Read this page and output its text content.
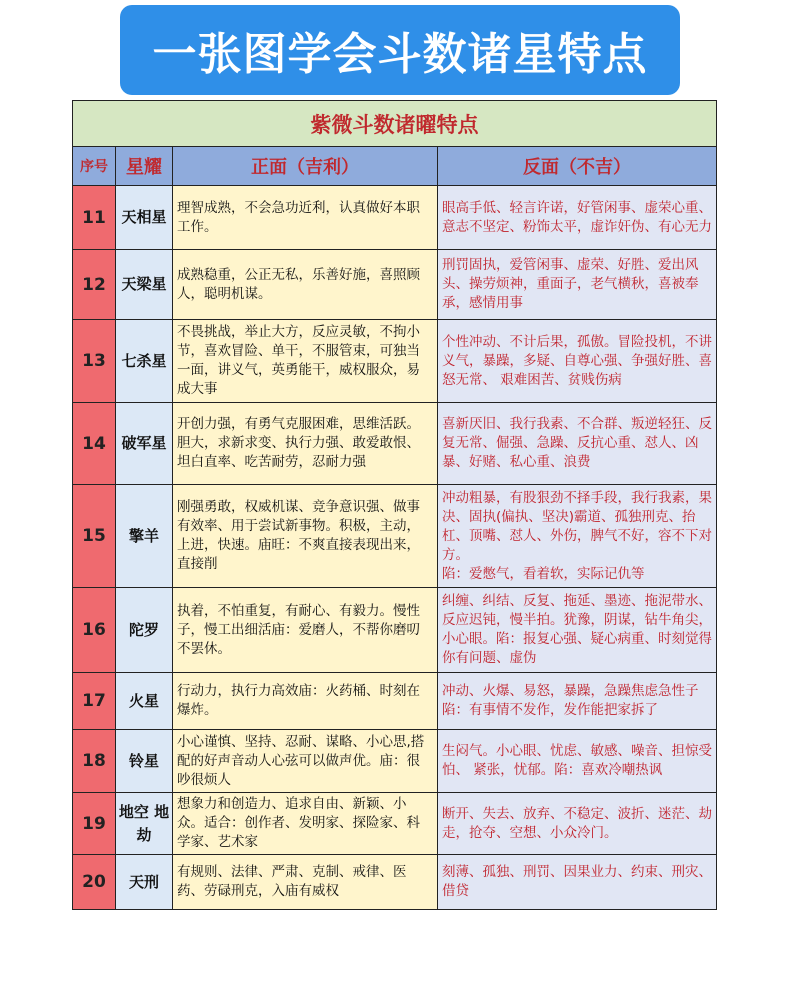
一张图学会斗数诸星特点
紫微斗数诸曜特点			
序号	星耀	正面（吉利）	反面（不吉）
11	天相星	理智成熟，不会急功近利，认真做好本职工作。	眼高手低、轻言许诺，好管闲事、虚荣心重、意志不坚定、粉饰太平，虚诈奸伪、有心无力

12	天梁星	成熟稳重，公正无私，乐善好施，喜照顾人，聪明机谋。	刑罚固执，爱管闲事、虚荣、好胜、爱出风头、操劳烦神，重面子，老气横秋，喜被奉承，感情用事

13	七杀星	不畏挑战，举止大方，反应灵敏，不拘小节，喜欢冒险、单干，不服管束，可独当一面，讲义气，英勇能干，威权服众，易成大事	个性冲动、不计后果，孤傲。冒险投机，不讲义气，暴躁，多疑、自尊心强、争强好胜、喜怒无常、 艰难困苦、贫贱伤病

14	破军星	开创力强，有勇气克服困难，思维活跃。胆大，求新求变、执行力强、敢爱敢恨、坦白直率、吃苦耐劳，忍耐力强	喜新厌旧、我行我素、不合群、叛逆轻狂、反复无常、倔强、急躁、反抗心重、怼人、凶暴、好赌、私心重、浪费

15	擎羊	刚强勇敢，权威机谋、竞争意识强、做事有效率、用于尝试新事物。积极，主动，上进，快速。庙旺：不爽直接表现出来，直接削	冲动粗暴，有股狠劲不择手段，我行我素，果决、固执(偏执、坚决)霸道、孤独刑克、抬杠、顶嘴、怼人、外伤，脾气不好，容不下对方。
陷：爱憋气，看着软，实际记仇等

16	陀罗	执着，不怕重复，有耐心、有毅力。慢性子，慢工出细活庙：爱磨人，不帮你磨叨不罢休。	纠缠、纠结、反复、拖延、墨迹、拖泥带水、反应迟钝，慢半拍。犹豫，阴谋，钻牛角尖，小心眼。陷：报复心强、疑心病重、时刻觉得你有问题、虚伪

17	火星	行动力，执行力高效庙：火药桶、时刻在爆炸。	冲动、火爆、易怒，暴躁，急躁焦虑急性子
陷：有事情不发作，发作能把家拆了

18	铃星	小心谨慎、坚持、忍耐、谋略、小心思,搭配的好声音动人心弦可以做声优。庙：很吵很烦人	生闷气。小心眼、忧虑、敏感、噪音、担惊受怕、 紧张，忧郁。陷：喜欢冷嘲热讽

19	地空 地劫	想象力和创造力、追求自由、新颖、小众。适合：创作者、发明家、探险家、科学家、艺术家	断开、失去、放弃、不稳定、波折、迷茫、劫走，抢夺、空想、小众冷门。

20	天刑	有规则、法律、严肃、克制、戒律、医药、劳碌刑克，入庙有威权	刻薄、孤独、刑罚、因果业力、约束、刑灾、借贷
